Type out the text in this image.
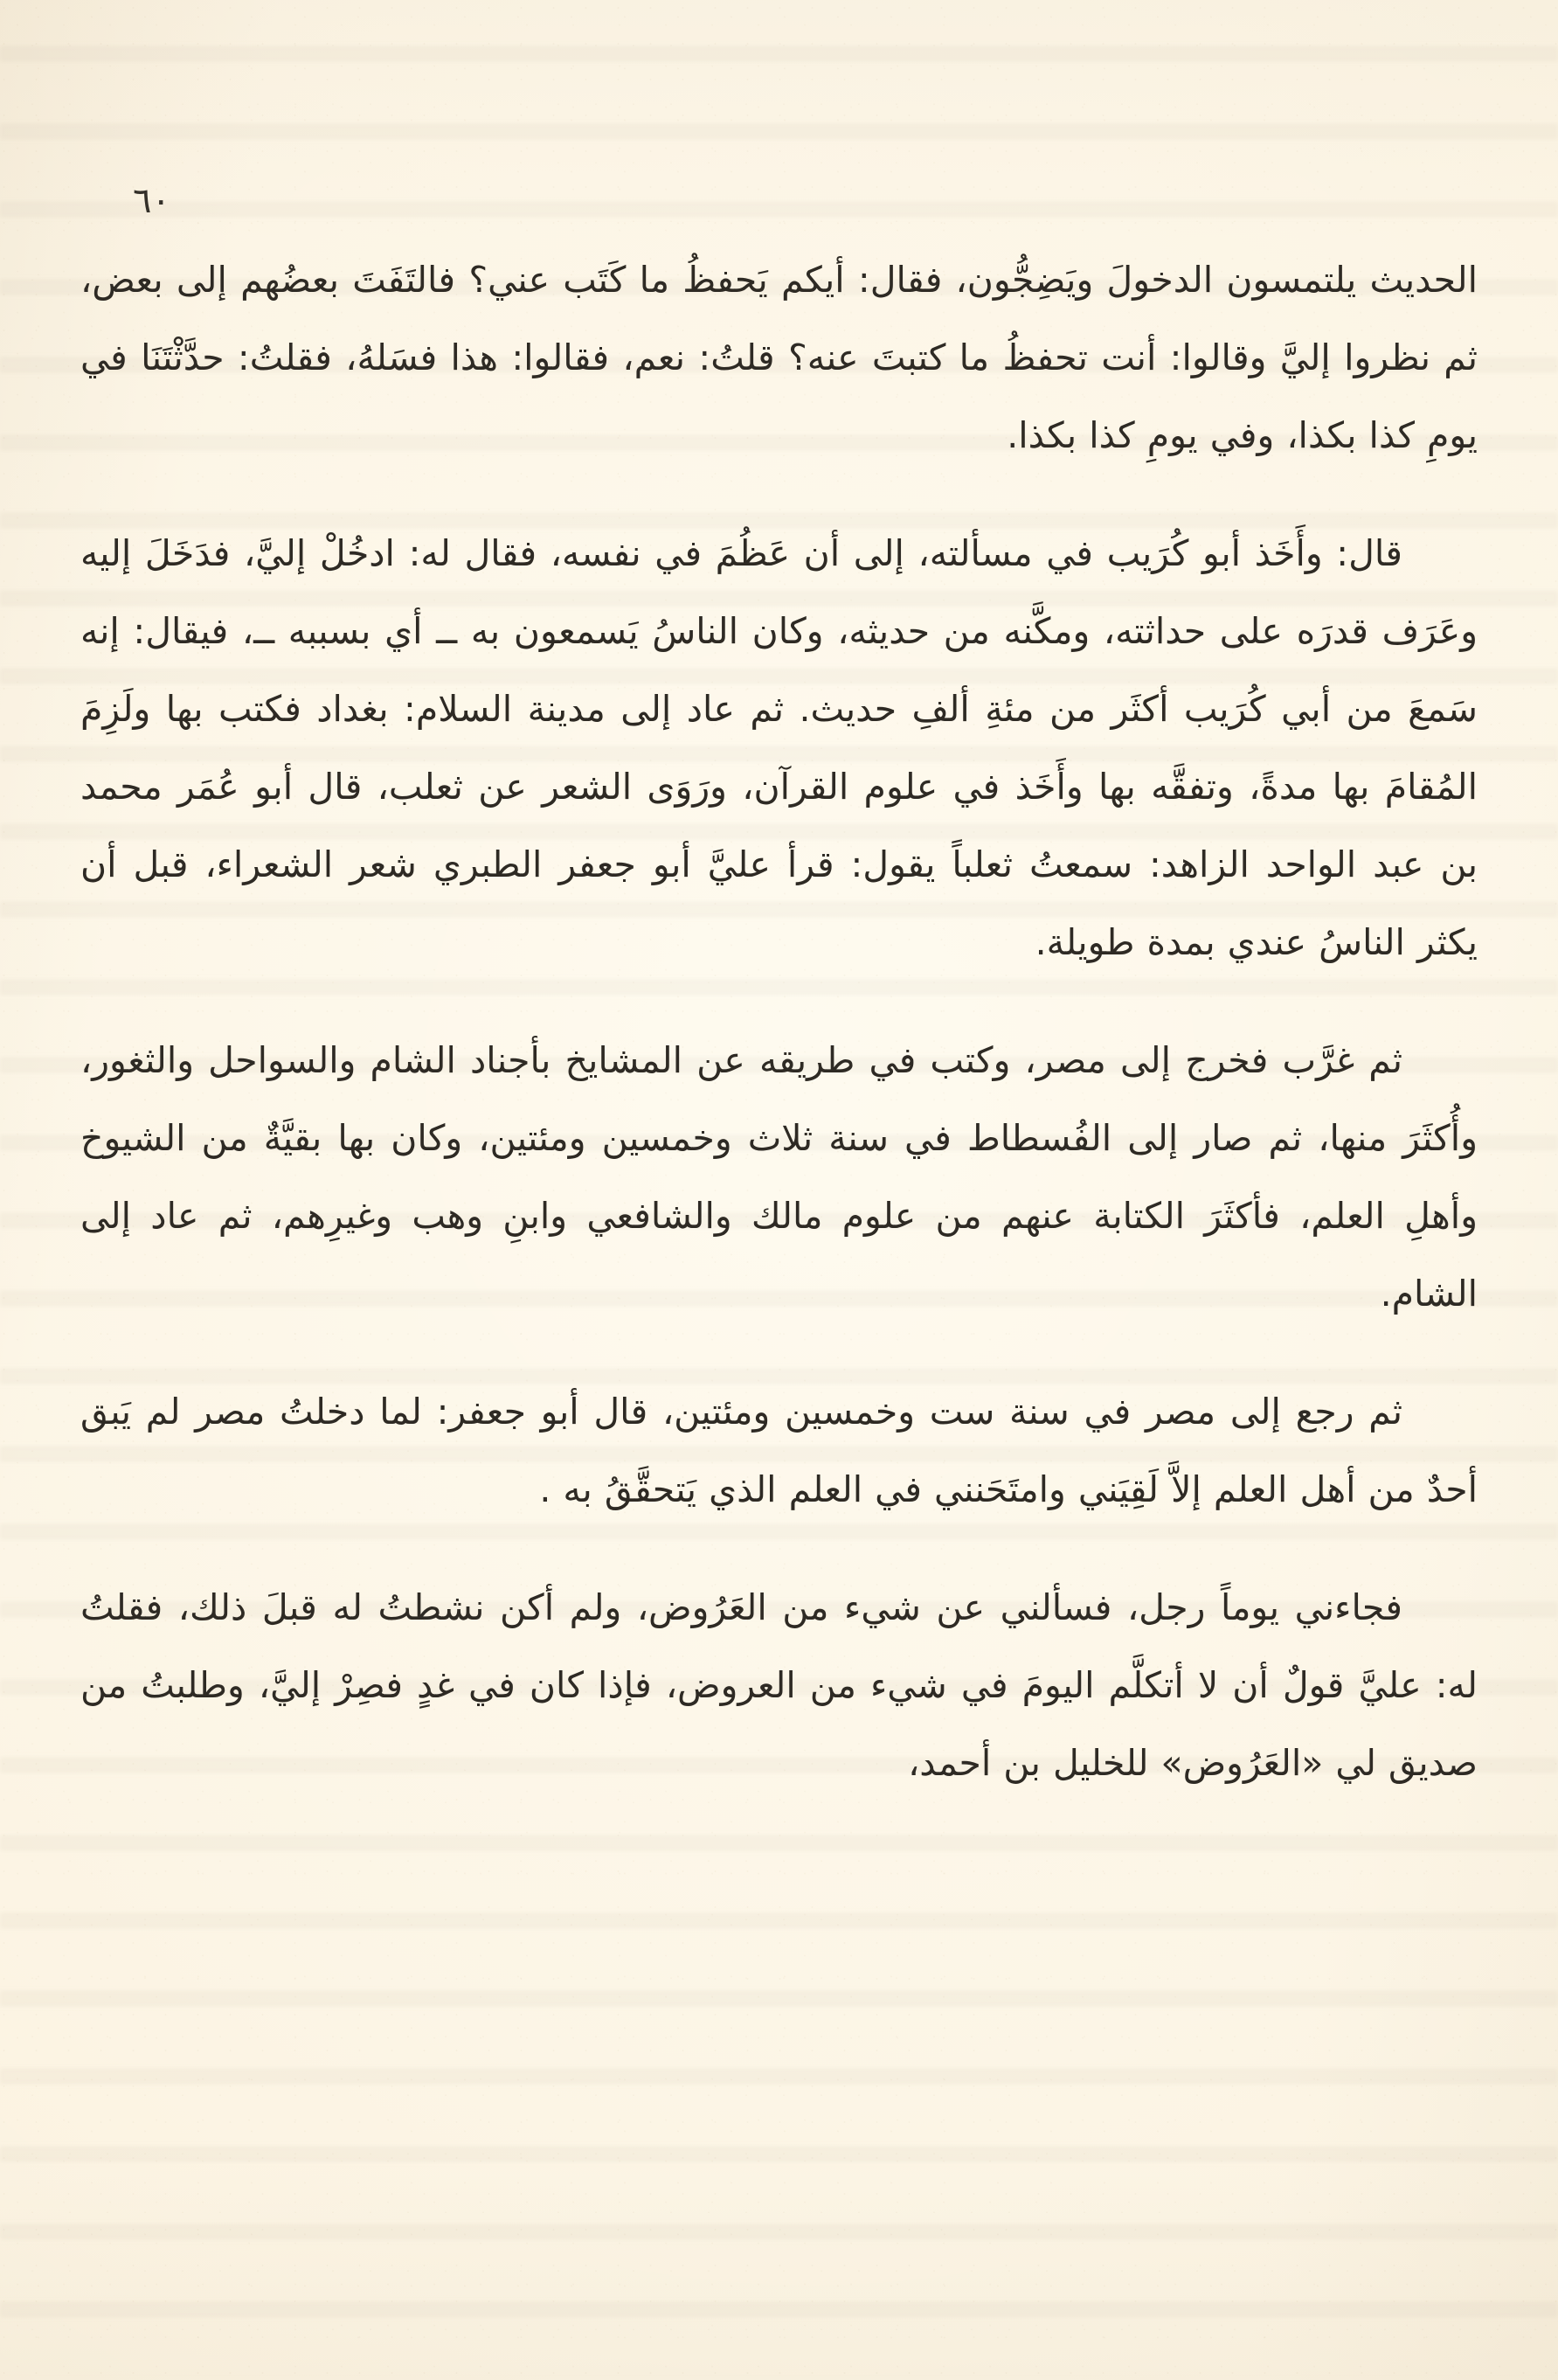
٦٠

الحديث يلتمسون الدخولَ ويَضِجُّون، فقال: أيكم يَحفظُ ما كَتَب عني؟ فالتَفَتَ بعضُهم إلى بعض، ثم نظروا إليَّ وقالوا: أنت تحفظُ ما كتبتَ عنه؟ قلتُ: نعم، فقالوا: هذا فسَلهُ، فقلتُ: حدَّثْتَنَا في يومِ كذا بكذا، وفي يومِ كذا بكذا.

قال: وأَخَذ أبو كُرَيب في مسألته، إلى أن عَظُمَ في نفسه، فقال له: ادخُلْ إليَّ، فدَخَلَ إليه وعَرَف قدرَه على حداثته، ومكَّنه من حديثه، وكان الناسُ يَسمعون به ــ أي بسببه ــ، فيقال: إنه سَمعَ من أبي كُرَيب أكثَر من مئةِ ألفِ حديث. ثم عاد إلى مدينة السلام: بغداد فكتب بها ولَزِمَ المُقامَ بها مدةً، وتفقَّه بها وأَخَذ في علوم القرآن، ورَوَى الشعر عن ثعلب، قال أبو عُمَر محمد بن عبد الواحد الزاهد: سمعتُ ثعلباً يقول: قرأ عليَّ أبو جعفر الطبري شعر الشعراء، قبل أن يكثر الناسُ عندي بمدة طويلة.

ثم غرَّب فخرج إلى مصر، وكتب في طريقه عن المشايخ بأجناد الشام والسواحل والثغور، وأُكثَرَ منها، ثم صار إلى الفُسطاط في سنة ثلاث وخمسين ومئتين، وكان بها بقيَّةٌ من الشيوخ وأهلِ العلم، فأكثَرَ الكتابة عنهم من علوم مالك والشافعي وابنِ وهب وغيرِهم، ثم عاد إلى الشام.

ثم رجع إلى مصر في سنة ست وخمسين ومئتين، قال أبو جعفر: لما دخلتُ مصر لم يَبق أحدٌ من أهل العلم إلاَّ لَقِيَني وامتَحَنني في العلم الذي يَتحقَّقُ به .

فجاءني يوماً رجل، فسألني عن شيء من العَرُوض، ولم أكن نشطتُ له قبلَ ذلك، فقلتُ له: عليَّ قولٌ أن لا أتكلَّم اليومَ في شيء من العروض، فإذا كان في غدٍ فصِرْ إليَّ، وطلبتُ من صديق لي «العَرُوض» للخليل بن أحمد،
